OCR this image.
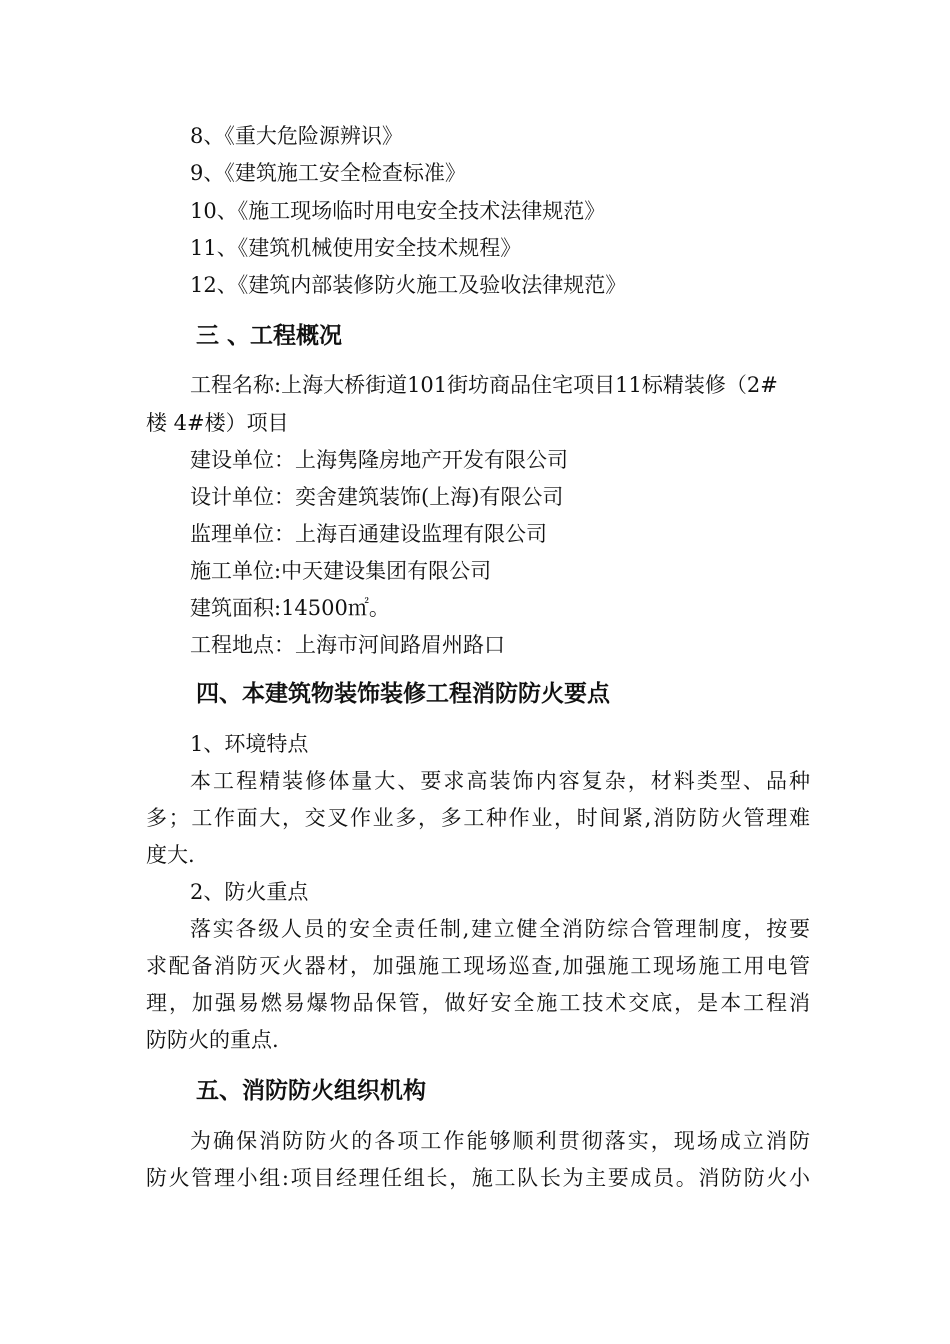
8、《重大危险源辨识》
9、《建筑施工安全检查标准》
10、《施工现场临时用电安全技术法律规范》
11、《建筑机械使用安全技术规程》
12、《建筑内部装修防火施工及验收法律规范》
三 、工程概况
工程名称:上海大桥街道101街坊商品住宅项目11标精装修（2#
楼 4#楼）项目
建设单位：上海隽隆房地产开发有限公司
设计单位：奕舍建筑装饰(上海)有限公司
监理单位：上海百通建设监理有限公司
施工单位:中天建设集团有限公司
建筑面积:14500㎡。
工程地点：上海市河间路眉州路口
四、本建筑物装饰装修工程消防防火要点
1、环境特点
本工程精装修体量大、要求高装饰内容复杂，材料类型、品种
多；工作面大，交叉作业多，多工种作业，时间紧,消防防火管理难
度大.
2、防火重点
落实各级人员的安全责任制,建立健全消防综合管理制度，按要
求配备消防灭火器材，加强施工现场巡查,加强施工现场施工用电管
理，加强易燃易爆物品保管，做好安全施工技术交底，是本工程消
防防火的重点.
五、消防防火组织机构
为确保消防防火的各项工作能够顺利贯彻落实，现场成立消防
防火管理小组:项目经理任组长，施工队长为主要成员。消防防火小
